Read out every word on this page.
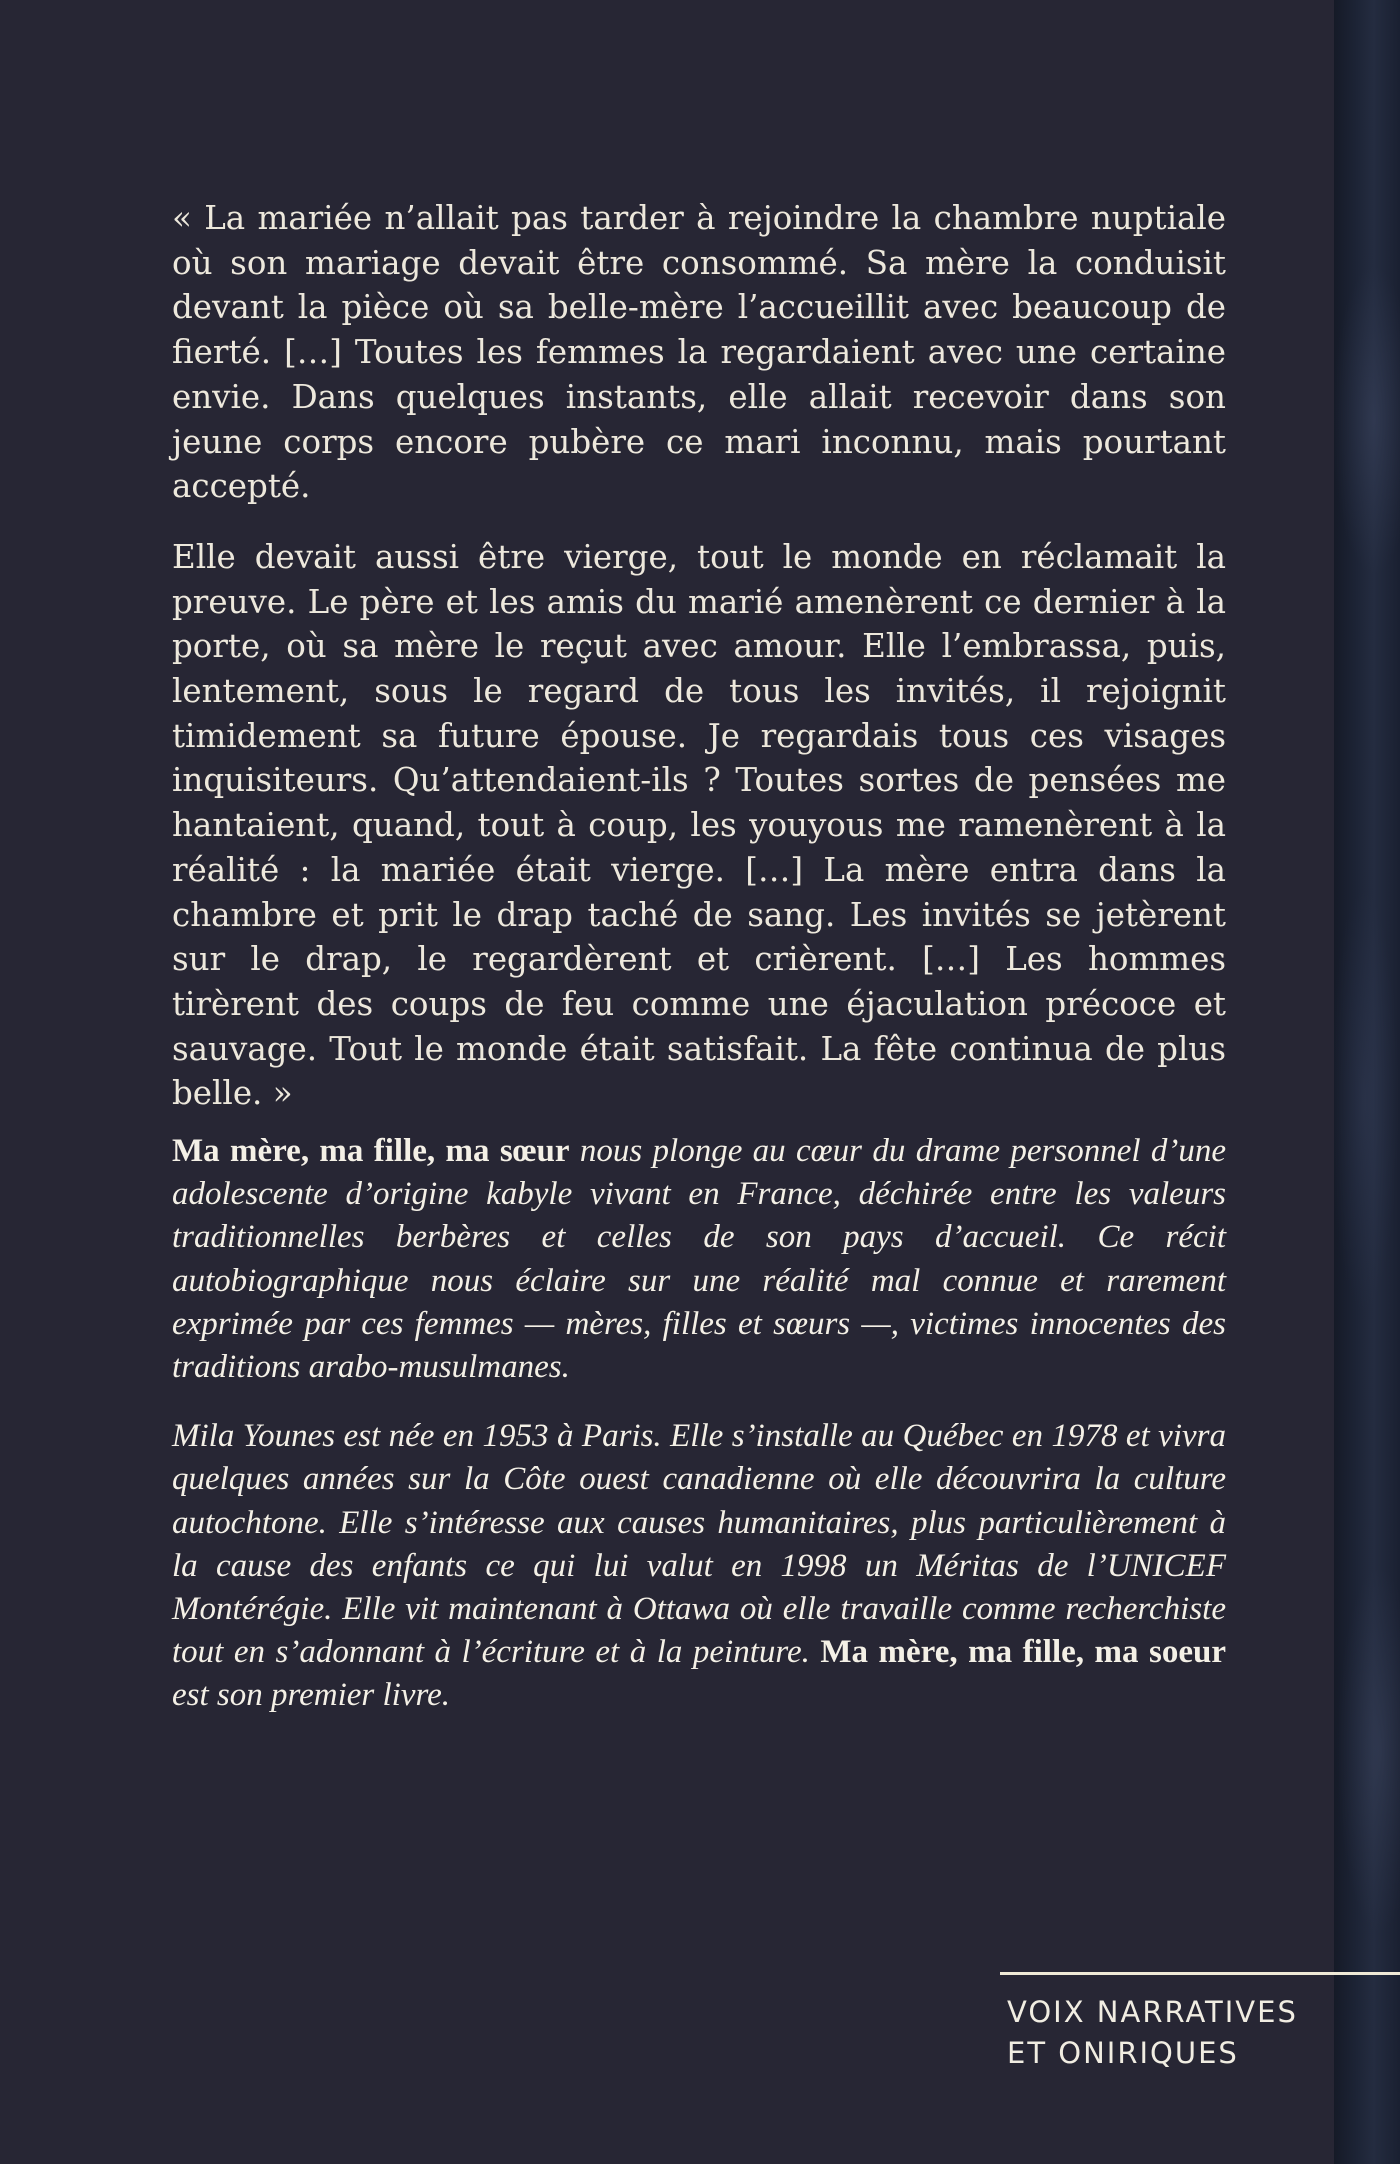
« La mariée n’allait pas tarder à rejoindre la chambre nuptiale où son mariage devait être consommé. Sa mère la conduisit devant la pièce où sa belle-mère l’accueillit avec beaucoup de fierté. […] Toutes les femmes la regardaient avec une certaine envie. Dans quelques instants, elle allait recevoir dans son jeune corps encore pubère ce mari inconnu, mais pourtant accepté.

Elle devait aussi être vierge, tout le monde en réclamait la preuve. Le père et les amis du marié amenèrent ce dernier à la porte, où sa mère le reçut avec amour. Elle l’embrassa, puis, lentement, sous le regard de tous les invités, il rejoignit timidement sa future épouse. Je regardais tous ces visages inquisiteurs. Qu’attendaient-ils ? Toutes sortes de pensées me hantaient, quand, tout à coup, les youyous me ramenèrent à la réalité : la mariée était vierge. […] La mère entra dans la chambre et prit le drap taché de sang. Les invités se jetèrent sur le drap, le regardèrent et crièrent. […] Les hommes tirèrent des coups de feu comme une éjaculation précoce et sauvage. Tout le monde était satisfait. La fête continua de plus belle. »

Ma mère, ma fille, ma sœur nous plonge au cœur du drame personnel d’une adolescente d’origine kabyle vivant en France, déchirée entre les valeurs traditionnelles berbères et celles de son pays d’accueil. Ce récit autobiographique nous éclaire sur une réalité mal connue et rarement exprimée par ces femmes — mères, filles et sœurs —, victimes innocentes des traditions arabo-musulmanes.

Mila Younes est née en 1953 à Paris. Elle s’installe au Québec en 1978 et vivra quelques années sur la Côte ouest canadienne où elle découvrira la culture autochtone. Elle s’intéresse aux causes humanitaires, plus particulièrement à la cause des enfants ce qui lui valut en 1998 un Méritas de l’UNICEF Montérégie. Elle vit maintenant à Ottawa où elle travaille comme recherchiste tout en s’adonnant à l’écriture et à la peinture. Ma mère, ma fille, ma soeur est son premier livre.

VOIX NARRATIVES
ET ONIRIQUES
